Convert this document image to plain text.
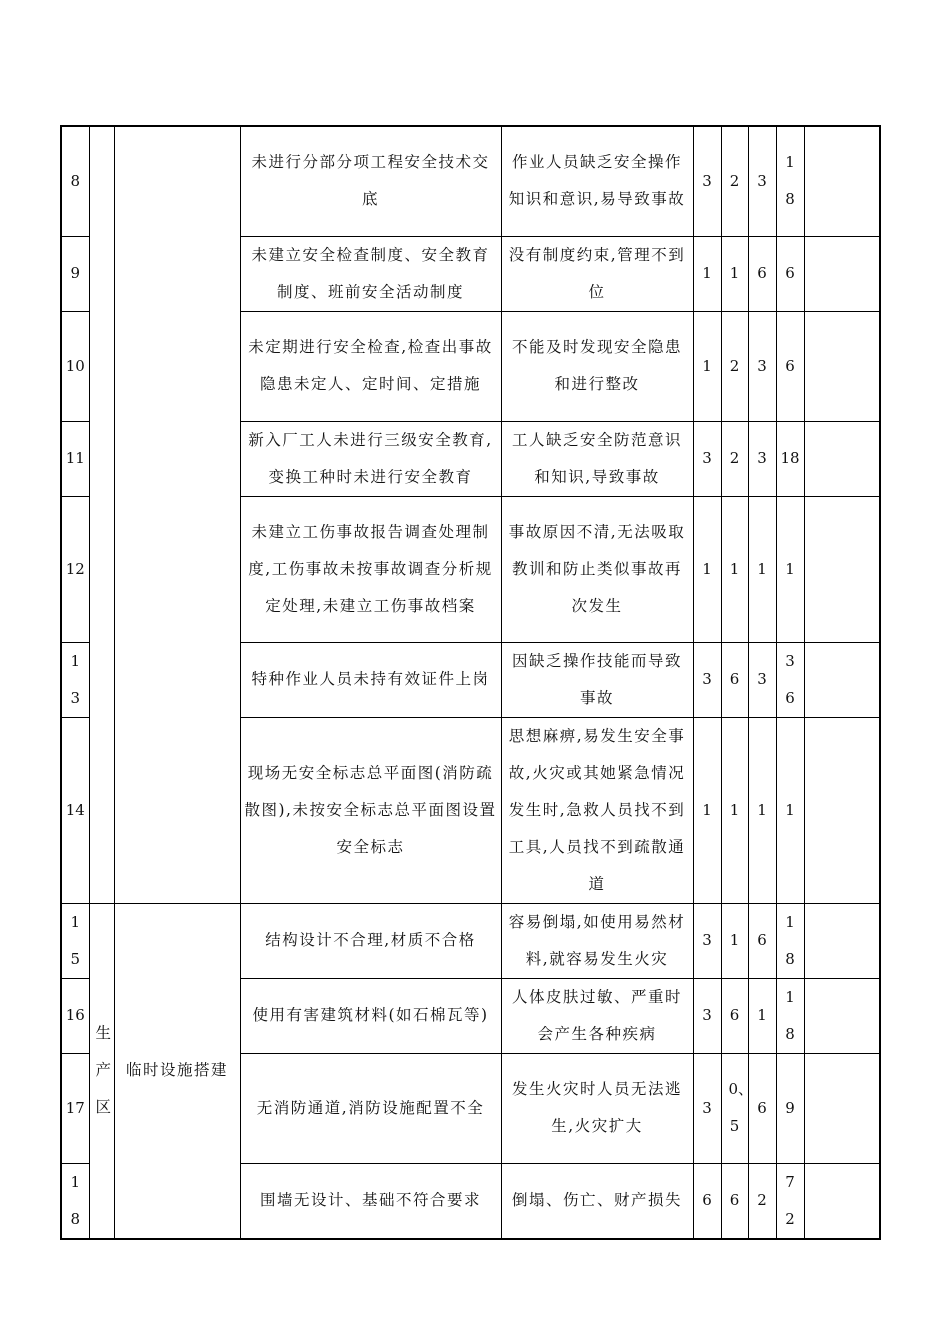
8			未进行分部分项工程安全技术交底	作业人员缺乏安全操作知识和意识,易导致事故	3	2	3	18	

9			未建立安全检查制度、安全教育制度、班前安全活动制度	没有制度约束,管理不到位	1	1	6	6	
10			未定期进行安全检查,检查出事故隐患未定人、定时间、定措施	不能及时发现安全隐患和进行整改	1	2	3	6	
11			新入厂工人未进行三级安全教育,变换工种时未进行安全教育	工人缺乏安全防范意识和知识,导致事故	3	2	3	18	
12			未建立工伤事故报告调查处理制度,工伤事故未按事故调查分析规定处理,未建立工伤事故档案	事故原因不清,无法吸取教训和防止类似事故再次发生	1	1	1	1	

13			特种作业人员未持有效证件上岗	因缺乏操作技能而导致事故	3	6	3	36	

14			现场无安全标志总平面图(消防疏散图),未按安全标志总平面图设置安全标志	思想麻痹,易发生安全事故,火灾或其她紧急情况发生时,急救人员找不到工具,人员找不到疏散通道	1	1	1	1	

15	生产区	临时设施搭建	结构设计不合理,材质不合格	容易倒塌,如使用易然材料,就容易发生火灾	3	1	6	18	

16			使用有害建筑材料(如石棉瓦等)	人体皮肤过敏、严重时会产生各种疾病	3	6	1	18	

17			无消防通道,消防设施配置不全	发生火灾时人员无法逃生,火灾扩大	3	0、5	6	9	

18			围墙无设计、基础不符合要求	倒塌、伤亡、财产损失	6	6	2	72	
